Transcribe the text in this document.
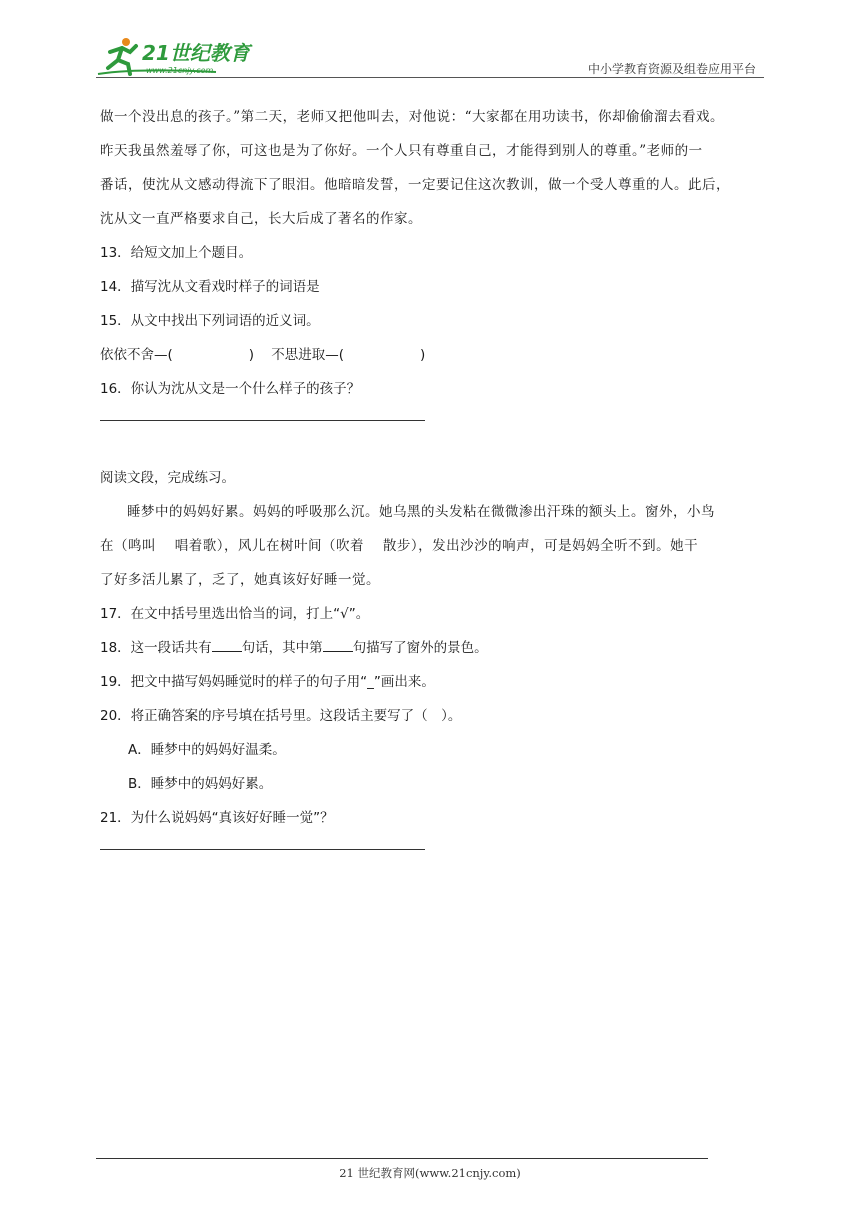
21世纪教育
www.21cnjy.com	中小学教育资源及组卷应用平台
做一个没出息的孩子。”第二天，老师又把他叫去，对他说：“大家都在用功读书，你却偷偷溜去看戏。
昨天我虽然羞辱了你，可这也是为了你好。一个人只有尊重自己，才能得到别人的尊重。”老师的一
番话，使沈从文感动得流下了眼泪。他暗暗发誓，一定要记住这次教训，做一个受人尊重的人。此后，
沈从文一直严格要求自己，长大后成了著名的作家。
13．给短文加上个题目。
14．描写沈从文看戏时样子的词语是
15．从文中找出下列词语的近义词。
依依不舍—(	) 不思进取—(	)
16．你认为沈从文是一个什么样子的孩子？
阅读文段，完成练习。
睡梦中的妈妈好累。妈妈的呼吸那么沉。她乌黑的头发粘在微微渗出汗珠的额头上。窗外，小鸟
在（鸣叫　 唱着歌），风儿在树叶间（吹着　 散步），发出沙沙的响声，可是妈妈全听不到。她干
了好多活儿累了，乏了，她真该好好睡一觉。
17．在文中括号里选出恰当的词，打上“√”。
18．这一段话共有 句话，其中第 句描写了窗外的景色。
19．把文中描写妈妈睡觉时的样子的句子用“_”画出来。
20．将正确答案的序号填在括号里。这段话主要写了（　）。
A．睡梦中的妈妈好温柔。
B．睡梦中的妈妈好累。
21．为什么说妈妈“真该好好睡一觉”？
21 世纪教育网(www.21cnjy.com)
